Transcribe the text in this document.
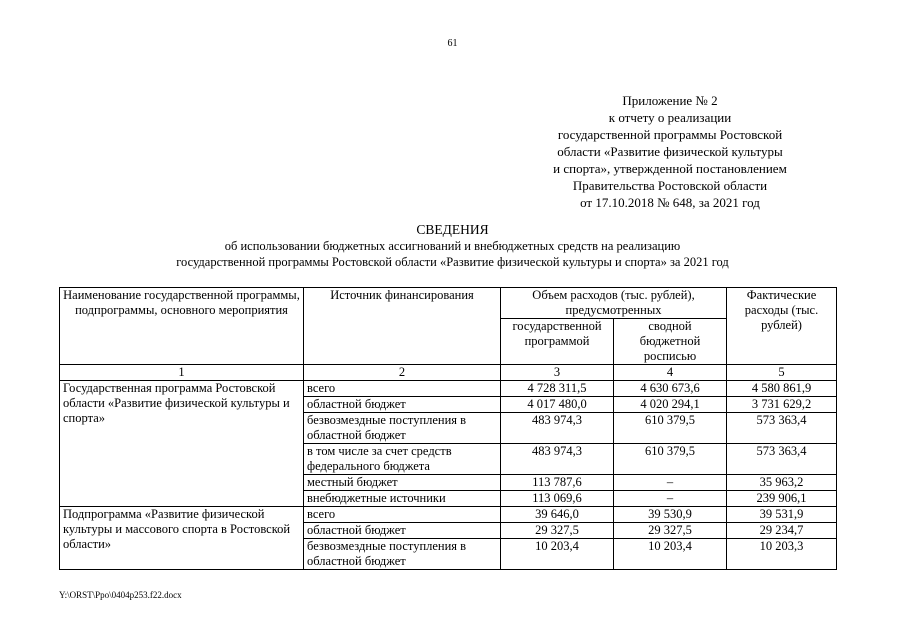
61
Приложение № 2
к отчету о реализации
государственной программы Ростовской
области «Развитие физической культуры
и спорта», утвержденной постановлением
Правительства Ростовской области
от 17.10.2018 № 648, за 2021 год
СВЕДЕНИЯ
об использовании бюджетных ассигнований и внебюджетных средств на реализацию
государственной программы Ростовской области «Развитие физической культуры и спорта» за 2021 год
Наименование государственной программы, подпрограммы, основного мероприятия	Источник финансирования	Объем расходов (тыс. рублей), предусмотренных		Фактические расходы (тыс. рублей)
		государственной программой	сводной бюджетной росписью	
1	2	3	4	5
Государственная программа Ростовской области «Развитие физической культуры и спорта»	всего	4 728 311,5	4 630 673,6	4 580 861,9
	областной бюджет	4 017 480,0	4 020 294,1	3 731 629,2
	безвозмездные поступления в областной бюджет	483 974,3	610 379,5	573 363,4
	в том числе за счет средств федерального бюджета	483 974,3	610 379,5	573 363,4
	местный бюджет	113 787,6	–	35 963,2
	внебюджетные источники	113 069,6	–	239 906,1
Подпрограмма «Развитие физической культуры и массового спорта в Ростовской области»	всего	39 646,0	39 530,9	39 531,9
	областной бюджет	29 327,5	29 327,5	29 234,7
	безвозмездные поступления в областной бюджет	10 203,4	10 203,4	10 203,3
Y:\ORST\Ppo\0404p253.f22.docx
